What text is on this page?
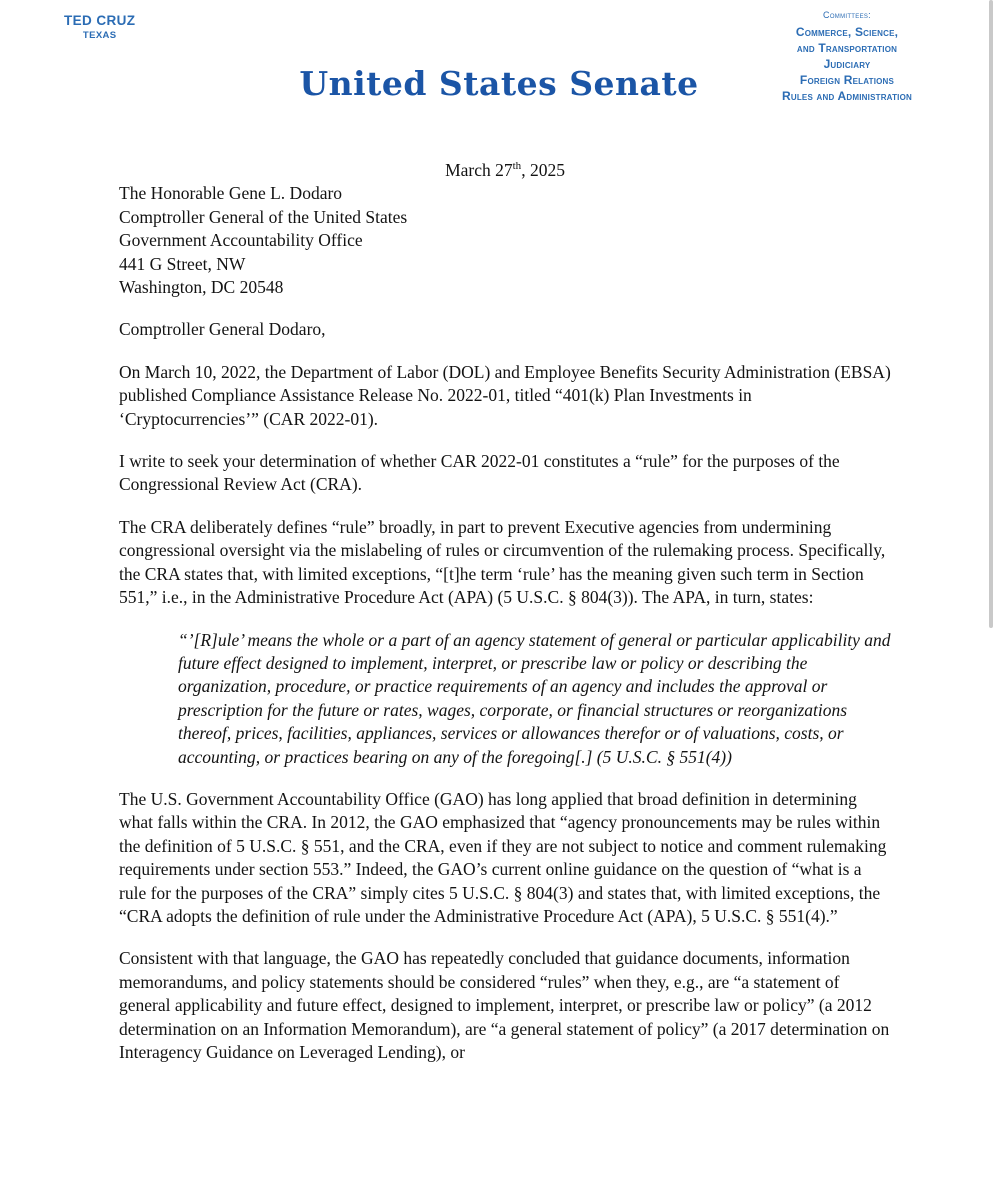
TED CRUZ
TEXAS
United States Senate
Committees:
Commerce, Science,
and Transportation
Judiciary
Foreign Relations
Rules and Administration
March 27th, 2025
The Honorable Gene L. Dodaro
Comptroller General of the United States
Government Accountability Office
441 G Street, NW
Washington, DC 20548

Comptroller General Dodaro,

On March 10, 2022, the Department of Labor (DOL) and Employee Benefits Security Administration (EBSA) published Compliance Assistance Release No. 2022-01, titled “401(k) Plan Investments in ‘Cryptocurrencies’” (CAR 2022-01).

I write to seek your determination of whether CAR 2022-01 constitutes a “rule” for the purposes of the Congressional Review Act (CRA).

The CRA deliberately defines “rule” broadly, in part to prevent Executive agencies from undermining congressional oversight via the mislabeling of rules or circumvention of the rulemaking process. Specifically, the CRA states that, with limited exceptions, “[t]he term ‘rule’ has the meaning given such term in Section 551,” i.e., in the Administrative Procedure Act (APA) (5 U.S.C. § 804(3)). The APA, in turn, states:

“’[R]ule’ means the whole or a part of an agency statement of general or particular applicability and future effect designed to implement, interpret, or prescribe law or policy or describing the organization, procedure, or practice requirements of an agency and includes the approval or prescription for the future or rates, wages, corporate, or financial structures or reorganizations thereof, prices, facilities, appliances, services or allowances therefor or of valuations, costs, or accounting, or practices bearing on any of the foregoing[.] (5 U.S.C. § 551(4))

The U.S. Government Accountability Office (GAO) has long applied that broad definition in determining what falls within the CRA. In 2012, the GAO emphasized that “agency pronouncements may be rules within the definition of 5 U.S.C. § 551, and the CRA, even if they are not subject to notice and comment rulemaking requirements under section 553.” Indeed, the GAO’s current online guidance on the question of “what is a rule for the purposes of the CRA” simply cites 5 U.S.C. § 804(3) and states that, with limited exceptions, the “CRA adopts the definition of rule under the Administrative Procedure Act (APA), 5 U.S.C. § 551(4).”

Consistent with that language, the GAO has repeatedly concluded that guidance documents, information memorandums, and policy statements should be considered “rules” when they, e.g., are “a statement of general applicability and future effect, designed to implement, interpret, or prescribe law or policy” (a 2012 determination on an Information Memorandum), are “a general statement of policy” (a 2017 determination on Interagency Guidance on Leveraged Lending), or
